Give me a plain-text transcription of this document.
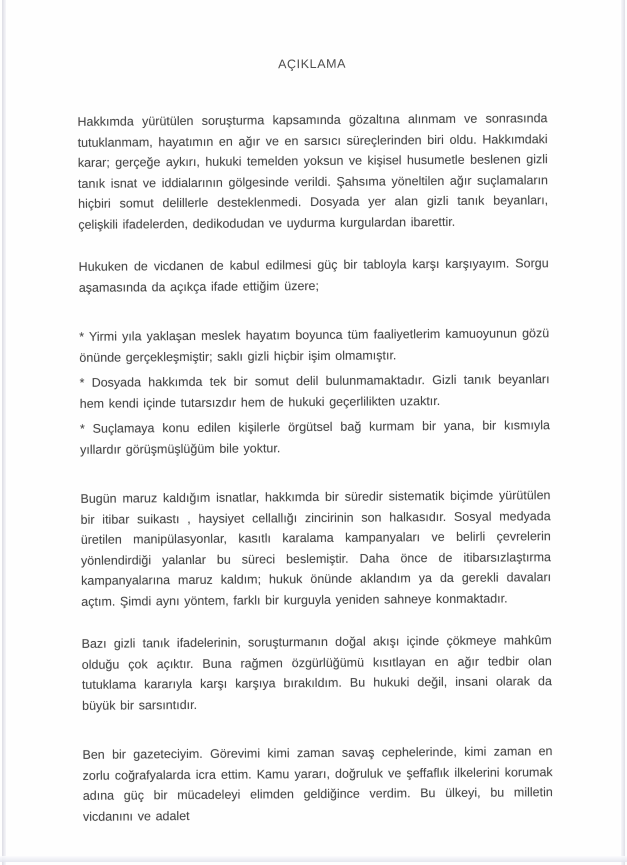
AÇIKLAMA

Hakkımda yürütülen soruşturma kapsamında gözaltına alınmam ve sonrasında tutuklanmam, hayatımın en ağır ve en sarsıcı süreçlerinden biri oldu. Hakkımdaki karar; gerçeğe aykırı, hukuki temelden yoksun ve kişisel husumetle beslenen gizli tanık isnat ve iddialarının gölgesinde verildi. Şahsıma yöneltilen ağır suçlamaların hiçbiri somut delillerle desteklenmedi. Dosyada yer alan gizli tanık beyanları, çelişkili ifadelerden, dedikodudan ve uydurma kurgulardan ibarettir.

Hukuken de vicdanen de kabul edilmesi güç bir tabloyla karşı karşıyayım. Sorgu aşamasında da açıkça ifade ettiğim üzere;

* Yirmi yıla yaklaşan meslek hayatım boyunca tüm faaliyetlerim kamuoyunun gözü önünde gerçekleşmiştir; saklı gizli hiçbir işim olmamıştır.

* Dosyada hakkımda tek bir somut delil bulunmamaktadır. Gizli tanık beyanları hem kendi içinde tutarsızdır hem de hukuki geçerlilikten uzaktır.

* Suçlamaya konu edilen kişilerle örgütsel bağ kurmam bir yana, bir kısmıyla yıllardır görüşmüşlüğüm bile yoktur.

Bugün maruz kaldığım isnatlar, hakkımda bir süredir sistematik biçimde yürütülen bir itibar suikastı , haysiyet cellallığı zincirinin son halkasıdır. Sosyal medyada üretilen manipülasyonlar, kasıtlı karalama kampanyaları ve belirli çevrelerin yönlendirdiği yalanlar bu süreci beslemiştir. Daha önce de itibarsızlaştırma kampanyalarına maruz kaldım; hukuk önünde aklandım ya da gerekli davaları açtım. Şimdi aynı yöntem, farklı bir kurguyla yeniden sahneye konmaktadır.

Bazı gizli tanık ifadelerinin, soruşturmanın doğal akışı içinde çökmeye mahkûm olduğu çok açıktır. Buna rağmen özgürlüğümü kısıtlayan en ağır tedbir olan tutuklama kararıyla karşı karşıya bırakıldım. Bu hukuki değil, insani olarak da büyük bir sarsıntıdır.

Ben bir gazeteciyim. Görevimi kimi zaman savaş cephelerinde, kimi zaman en zorlu coğrafyalarda icra ettim. Kamu yararı, doğruluk ve şeffaflık ilkelerini korumak adına güç bir mücadeleyi elimden geldiğince verdim. Bu ülkeyi, bu milletin vicdanını ve adalet
